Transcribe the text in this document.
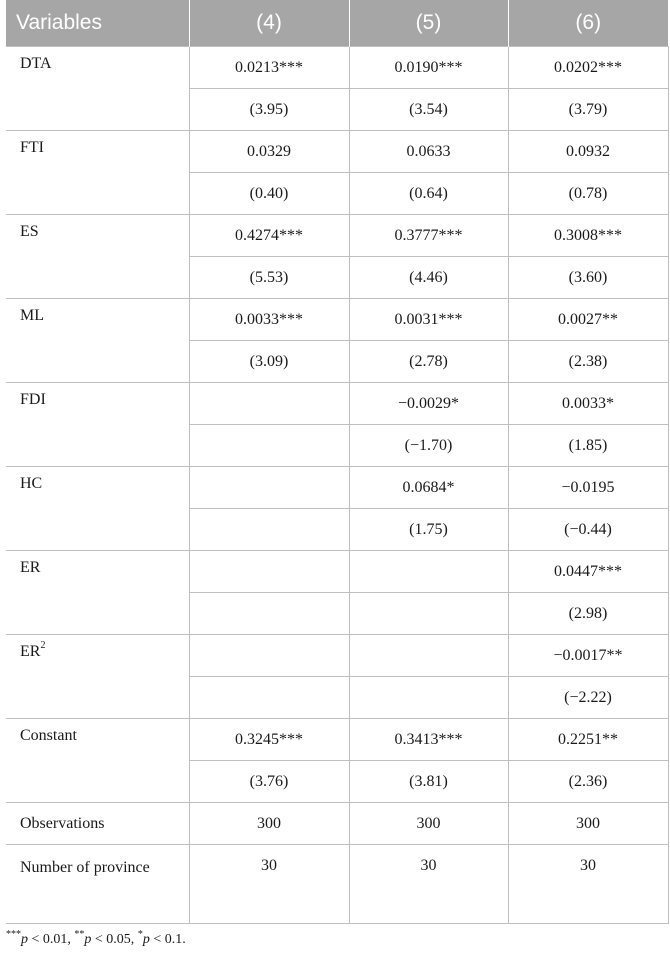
Variables	(4)	(5)	(6)
DTA	0.0213***	0.0190***	0.0202***
	(3.95)	(3.54)	(3.79)
FTI	0.0329	0.0633	0.0932
	(0.40)	(0.64)	(0.78)
ES	0.4274***	0.3777***	0.3008***
	(5.53)	(4.46)	(3.60)
ML	0.0033***	0.0031***	0.0027**
	(3.09)	(2.78)	(2.38)
FDI		−0.0029*	0.0033*
		(−1.70)	(1.85)
HC		0.0684*	−0.0195
		(1.75)	(−0.44)
ER			0.0447***
			(2.98)
$ER^2$			−0.0017**
			(−2.22)
Constant	0.3245***	0.3413***	0.2251**
	(3.76)	(3.81)	(2.36)
Observations	300	300	300
Number of province	30	30	30
***p < 0.01, **p < 0.05, *p < 0.1.
